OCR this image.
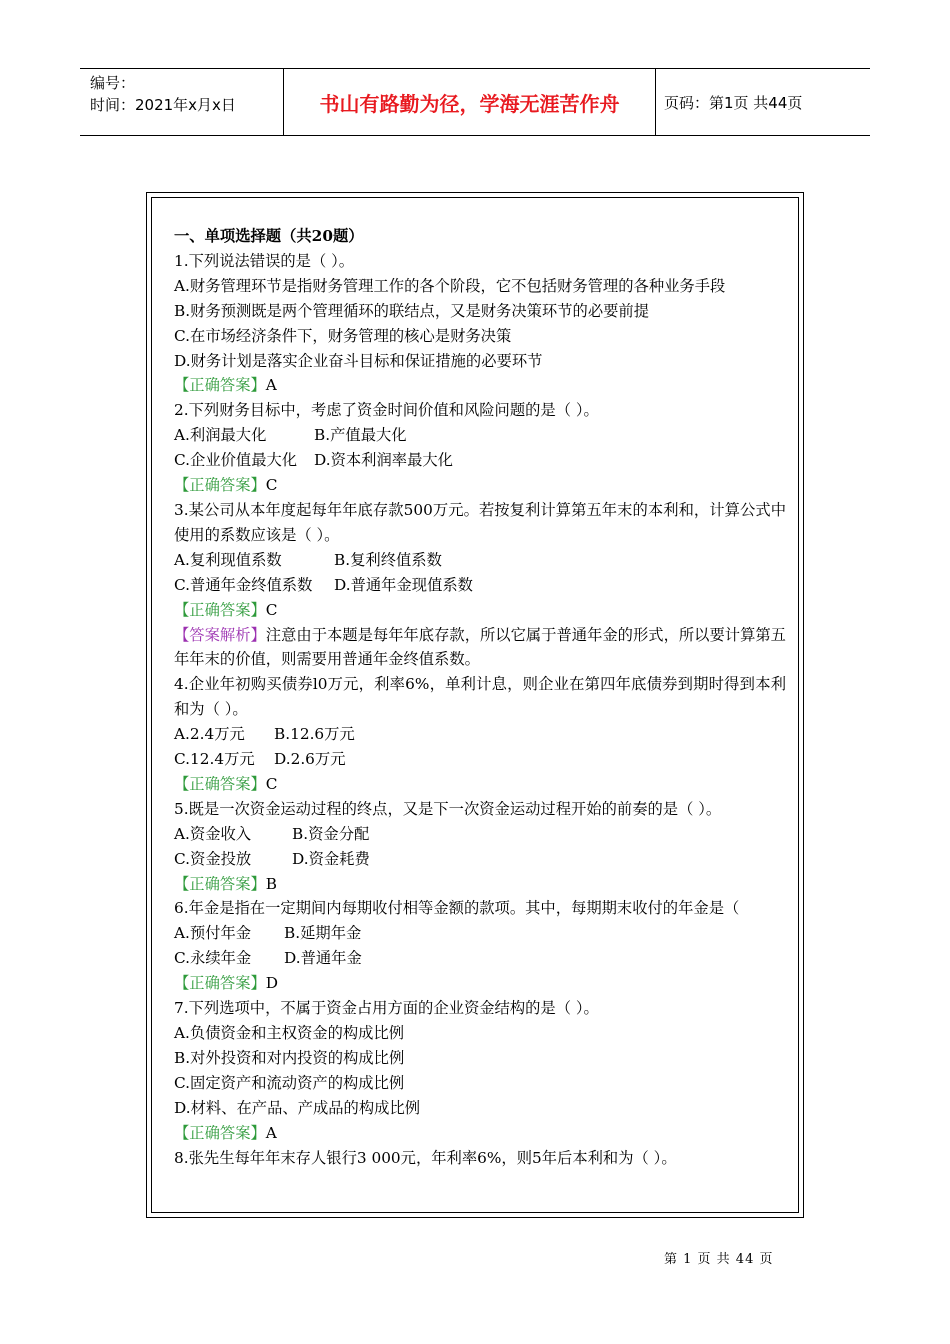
编号：
时间：2021年x月x日	书山有路勤为径，学海无涯苦作舟	页码：第1页 共44页
一、单项选择题（共20题）
1.下列说法错误的是（ ）。
A.财务管理环节是指财务管理工作的各个阶段，它不包括财务管理的各种业务手段
B.财务预测既是两个管理循环的联结点，又是财务决策环节的必要前提
C.在市场经济条件下，财务管理的核心是财务决策
D.财务计划是落实企业奋斗目标和保证措施的必要环节
【正确答案】A
2.下列财务目标中，考虑了资金时间价值和风险问题的是（ ）。
A.利润最大化	B.产值最大化
C.企业价值最大化 D.资本利润率最大化
【正确答案】C
3.某公司从本年度起每年年底存款500万元。若按复利计算第五年末的本利和，计算公式中使用的系数应该是（ ）。
A.复利现值系数	B.复利终值系数
C.普通年金终值系数 D.普通年金现值系数
【正确答案】C
【答案解析】注意由于本题是每年年底存款，所以它属于普通年金的形式，所以要计算第五年年末的价值，则需要用普通年金终值系数。
4.企业年初购买债券l0万元，利率6%，单利计息，则企业在第四年底债券到期时得到本利和为（ ）。
A.2.4万元 B.12.6万元
C.12.4万元 D.2.6万元
【正确答案】C
5.既是一次资金运动过程的终点，又是下一次资金运动过程开始的前奏的是（ ）。
A.资金收入	B.资金分配
C.资金投放	D.资金耗费
【正确答案】B
6.年金是指在一定期间内每期收付相等金额的款项。其中，每期期末收付的年金是（
A.预付年金 B.延期年金
C.永续年金 D.普通年金
【正确答案】D
7.下列选项中，不属于资金占用方面的企业资金结构的是（ ）。
A.负债资金和主权资金的构成比例
B.对外投资和对内投资的构成比例
C.固定资产和流动资产的构成比例
D.材料、在产品、产成品的构成比例
【正确答案】A
8.张先生每年年末存人银行3 000元，年利率6%，则5年后本利和为（ ）。
第 1 页 共 44 页
